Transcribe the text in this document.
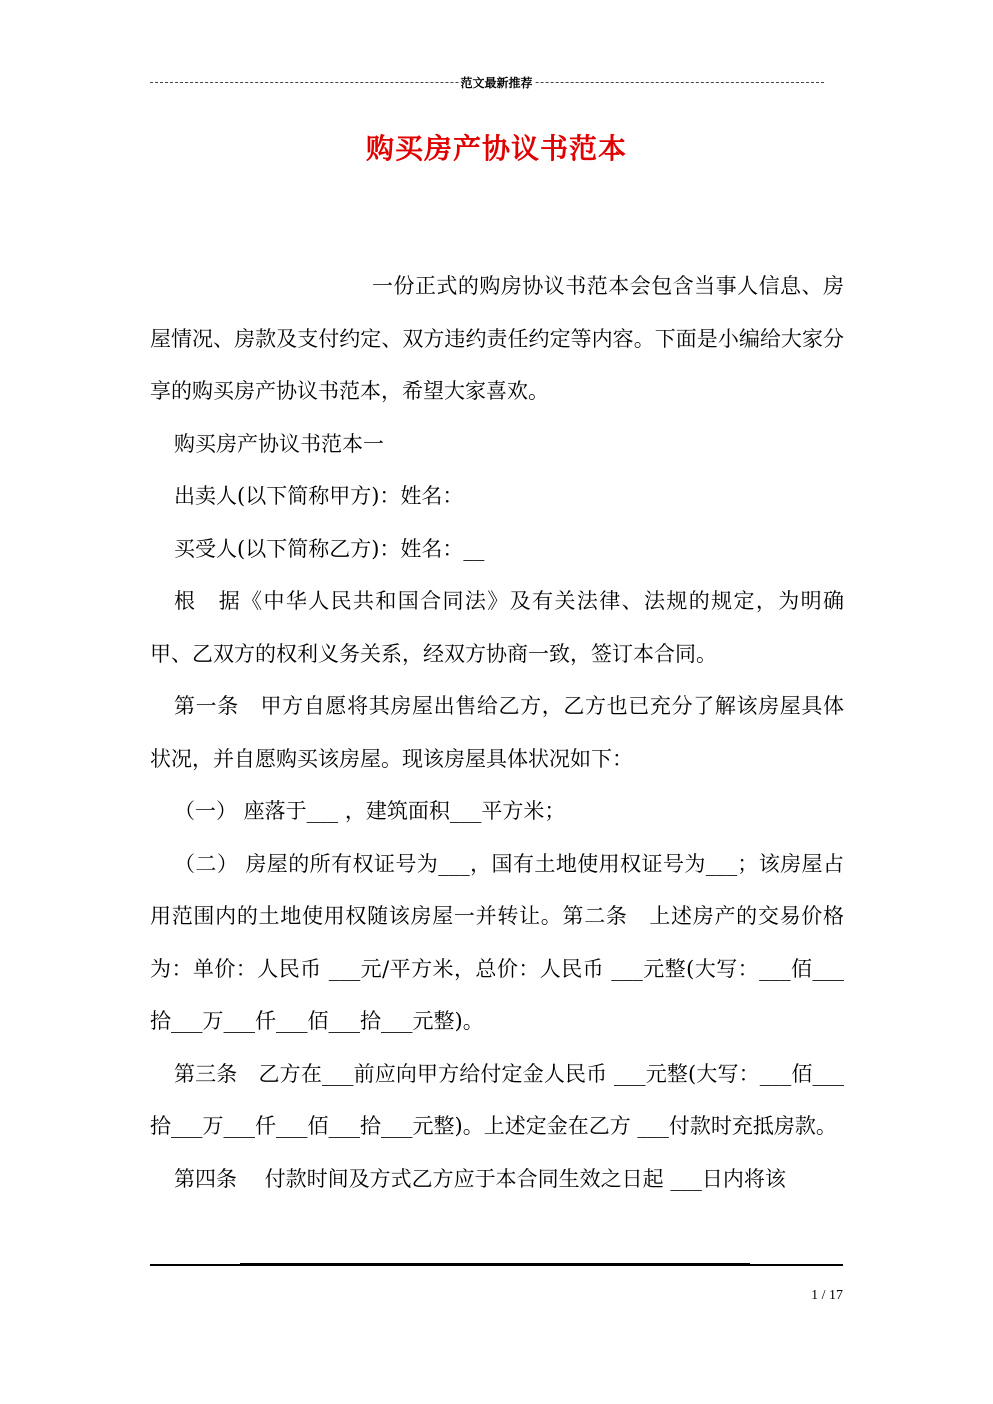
范文最新推荐
购买房产协议书范本

一份正式的购房协议书范本会包含当事人信息、房屋情况、房款及支付约定、双方违约责任约定等内容。下面是小编给大家分享的购买房产协议书范本，希望大家喜欢。

购买房产协议书范本一

出卖人(以下简称甲方)：姓名：

买受人(以下简称乙方)：姓名：__

根　据《中华人民共和国合同法》及有关法律、法规的规定，为明确甲、乙双方的权利义务关系，经双方协商一致，签订本合同。

第一条　甲方自愿将其房屋出售给乙方，乙方也已充分了解该房屋具体状况，并自愿购买该房屋。现该房屋具体状况如下：

（一） 座落于___ ，建筑面积___平方米；

（二） 房屋的所有权证号为___，国有土地使用权证号为___；该房屋占用范围内的土地使用权随该房屋一并转让。第二条　上述房产的交易价格为：单价：人民币 ___元/平方米，总价：人民币 ___元整(大写：___佰___拾___万___仟___佰___拾___元整)。

第三条　乙方在___前应向甲方给付定金人民币 ___元整(大写：___佰___拾___万___仟___佰___拾___元整)。上述定金在乙方 ___付款时充抵房款。

第四条　 付款时间及方式乙方应于本合同生效之日起 ___日内将该

1 / 17
